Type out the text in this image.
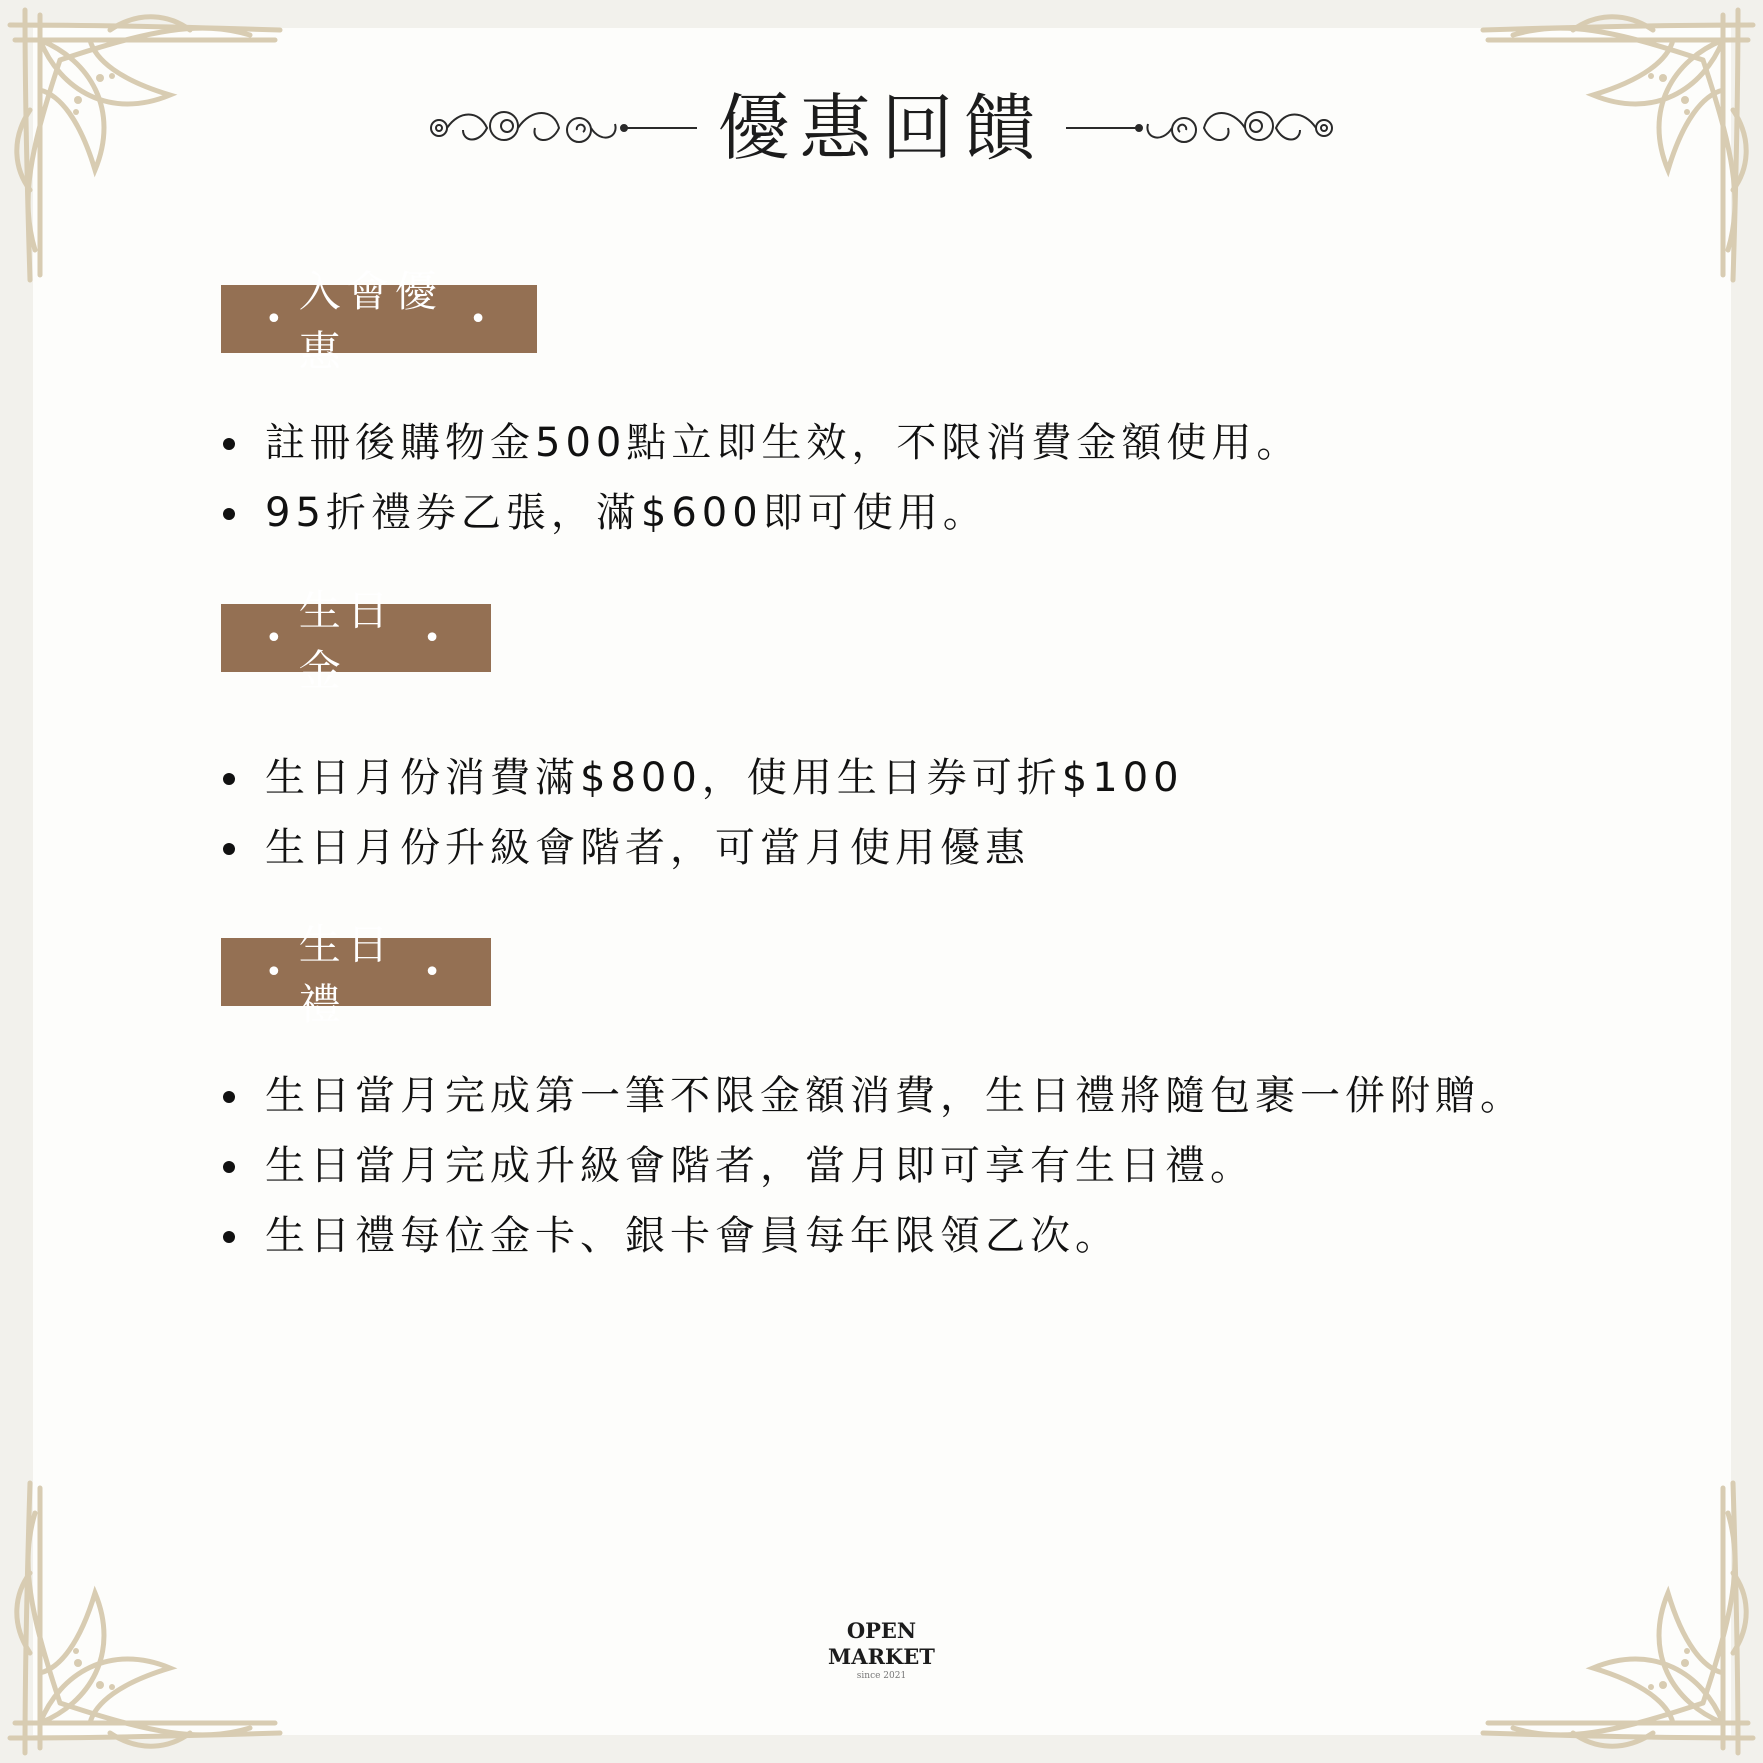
優惠回饋
•
入會優惠
•
註冊後購物金500點立即生效，不限消費金額使用。
95折禮券乙張，滿$600即可使用。
•
生日金
•
生日月份消費滿$800，使用生日券可折$100
生日月份升級會階者，可當月使用優惠
•
生日禮
•
生日當月完成第一筆不限金額消費，生日禮將隨包裹一併附贈。
生日當月完成升級會階者，當月即可享有生日禮。
生日禮每位金卡、銀卡會員每年限領乙次。
OPEN
MARKET
since 2021
